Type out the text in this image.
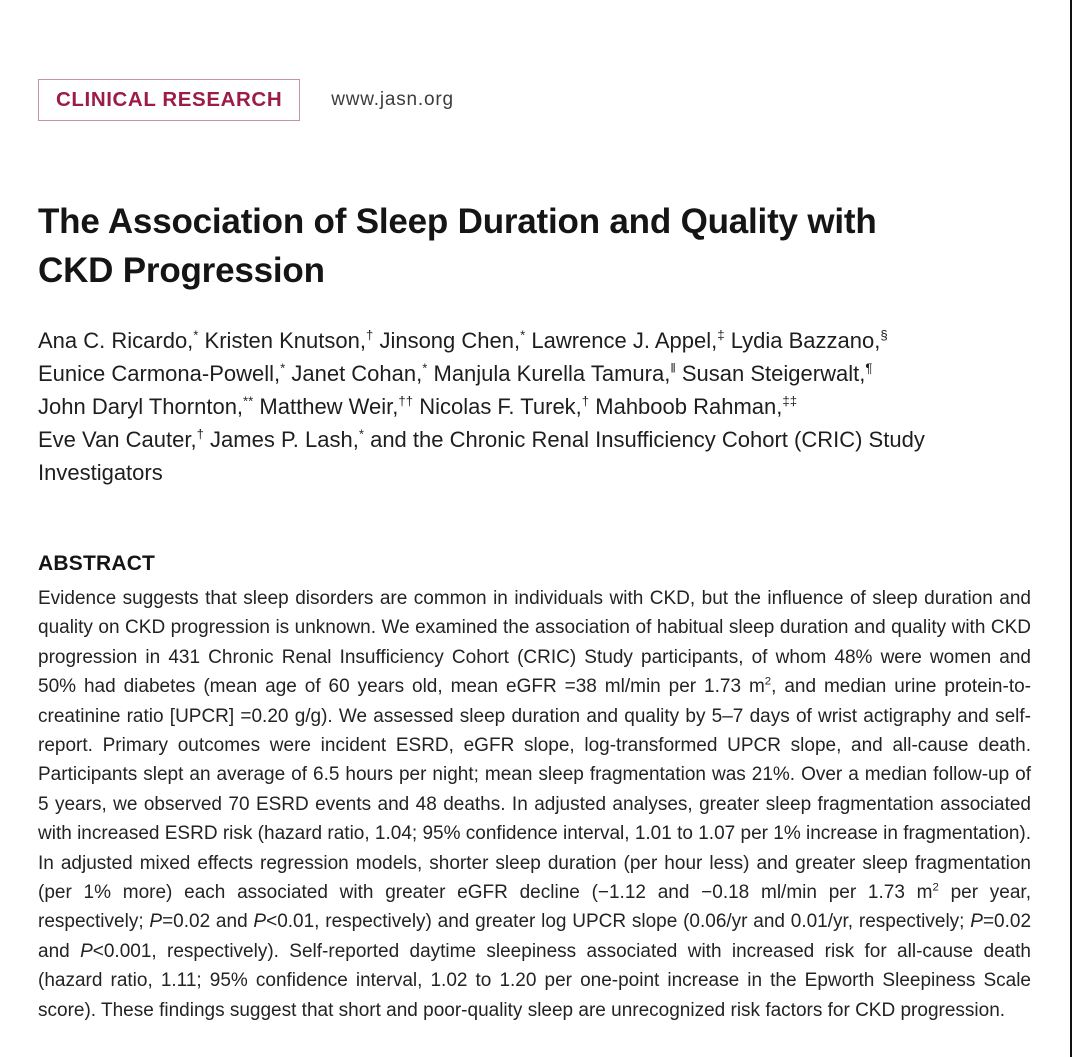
CLINICAL RESEARCH	www.jasn.org
The Association of Sleep Duration and Quality with
CKD Progression
Ana C. Ricardo,* Kristen Knutson,† Jinsong Chen,* Lawrence J. Appel,‡ Lydia Bazzano,§
Eunice Carmona-Powell,* Janet Cohan,* Manjula Kurella Tamura,‖ Susan Steigerwalt,¶
John Daryl Thornton,** Matthew Weir,†† Nicolas F. Turek,† Mahboob Rahman,‡‡
Eve Van Cauter,† James P. Lash,* and the Chronic Renal Insufficiency Cohort (CRIC) Study
Investigators
ABSTRACT

Evidence suggests that sleep disorders are common in individuals with CKD, but the influence of sleep duration and quality on CKD progression is unknown. We examined the association of habitual sleep duration and quality with CKD progression in 431 Chronic Renal Insufficiency Cohort (CRIC) Study participants, of whom 48% were women and 50% had diabetes (mean age of 60 years old, mean eGFR =38 ml/min per 1.73 $m^2$, and median urine protein-to-creatinine ratio [UPCR] =0.20 g/g). We assessed sleep duration and quality by 5–7 days of wrist actigraphy and self-report. Primary outcomes were incident ESRD, eGFR slope, log-transformed UPCR slope, and all-cause death. Participants slept an average of 6.5 hours per night; mean sleep fragmentation was 21%. Over a median follow-up of 5 years, we observed 70 ESRD events and 48 deaths. In adjusted analyses, greater sleep fragmentation associated with increased ESRD risk (hazard ratio, 1.04; 95% confidence interval, 1.01 to 1.07 per 1% increase in fragmentation). In adjusted mixed effects regression models, shorter sleep duration (per hour less) and greater sleep fragmentation (per 1% more) each associated with greater eGFR decline (−1.12 and −0.18 ml/min per 1.73 $m^2$ per year, respectively; P=0.02 and P<0.01, respectively) and greater log UPCR slope (0.06/yr and 0.01/yr, respectively; P=0.02 and P<0.001, respectively). Self-reported daytime sleepiness associated with increased risk for all-cause death (hazard ratio, 1.11; 95% confidence interval, 1.02 to 1.20 per one-point increase in the Epworth Sleepiness Scale score). These findings suggest that short and poor-quality sleep are unrecognized risk factors for CKD progression.
